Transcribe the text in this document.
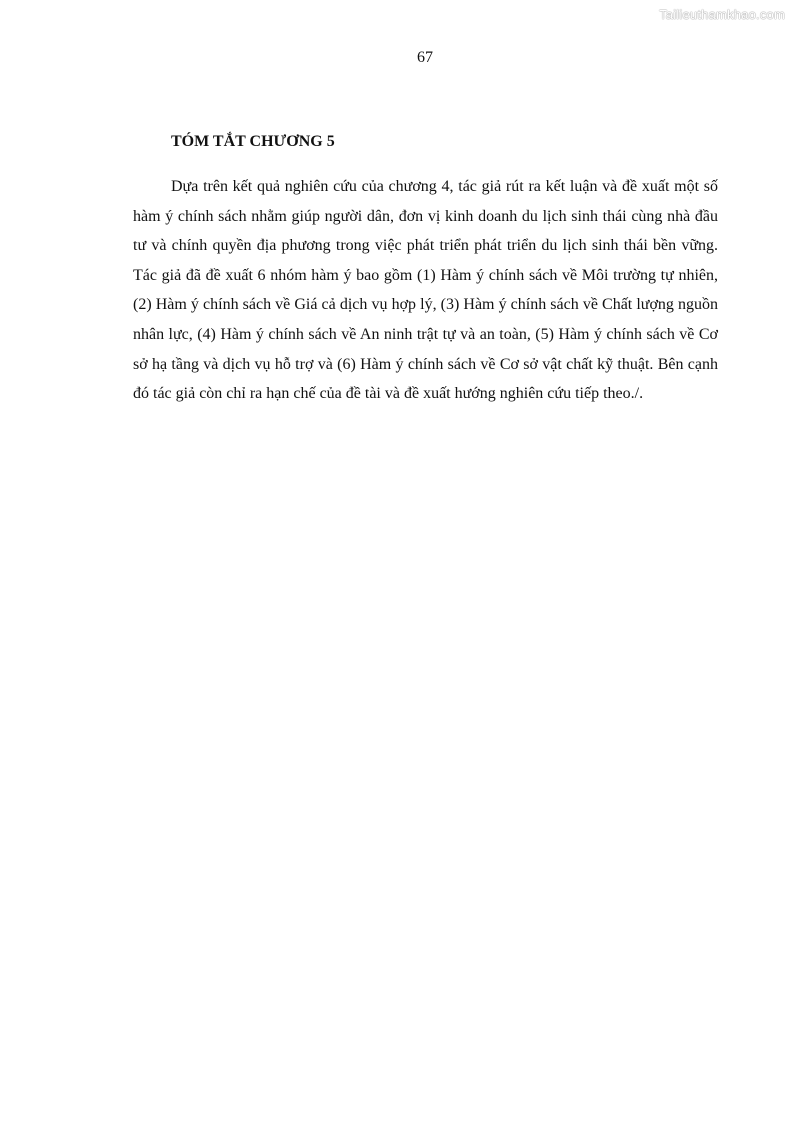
Tailieuthamkhao.com
67
TÓM TẮT CHƯƠNG 5

Dựa trên kết quả nghiên cứu của chương 4, tác giả rút ra kết luận và đề xuất một số hàm ý chính sách nhằm giúp người dân, đơn vị kinh doanh du lịch sinh thái cùng nhà đầu tư và chính quyền địa phương trong việc phát triển phát triển du lịch sinh thái bền vững. Tác giả đã đề xuất 6 nhóm hàm ý bao gồm (1) Hàm ý chính sách về Môi trường tự nhiên, (2) Hàm ý chính sách về Giá cả dịch vụ hợp lý, (3) Hàm ý chính sách về Chất lượng nguồn nhân lực, (4) Hàm ý chính sách về An ninh trật tự và an toàn, (5) Hàm ý chính sách về Cơ sở hạ tầng và dịch vụ hỗ trợ và (6) Hàm ý chính sách về Cơ sở vật chất kỹ thuật. Bên cạnh đó tác giả còn chỉ ra hạn chế của đề tài và đề xuất hướng nghiên cứu tiếp theo./.
